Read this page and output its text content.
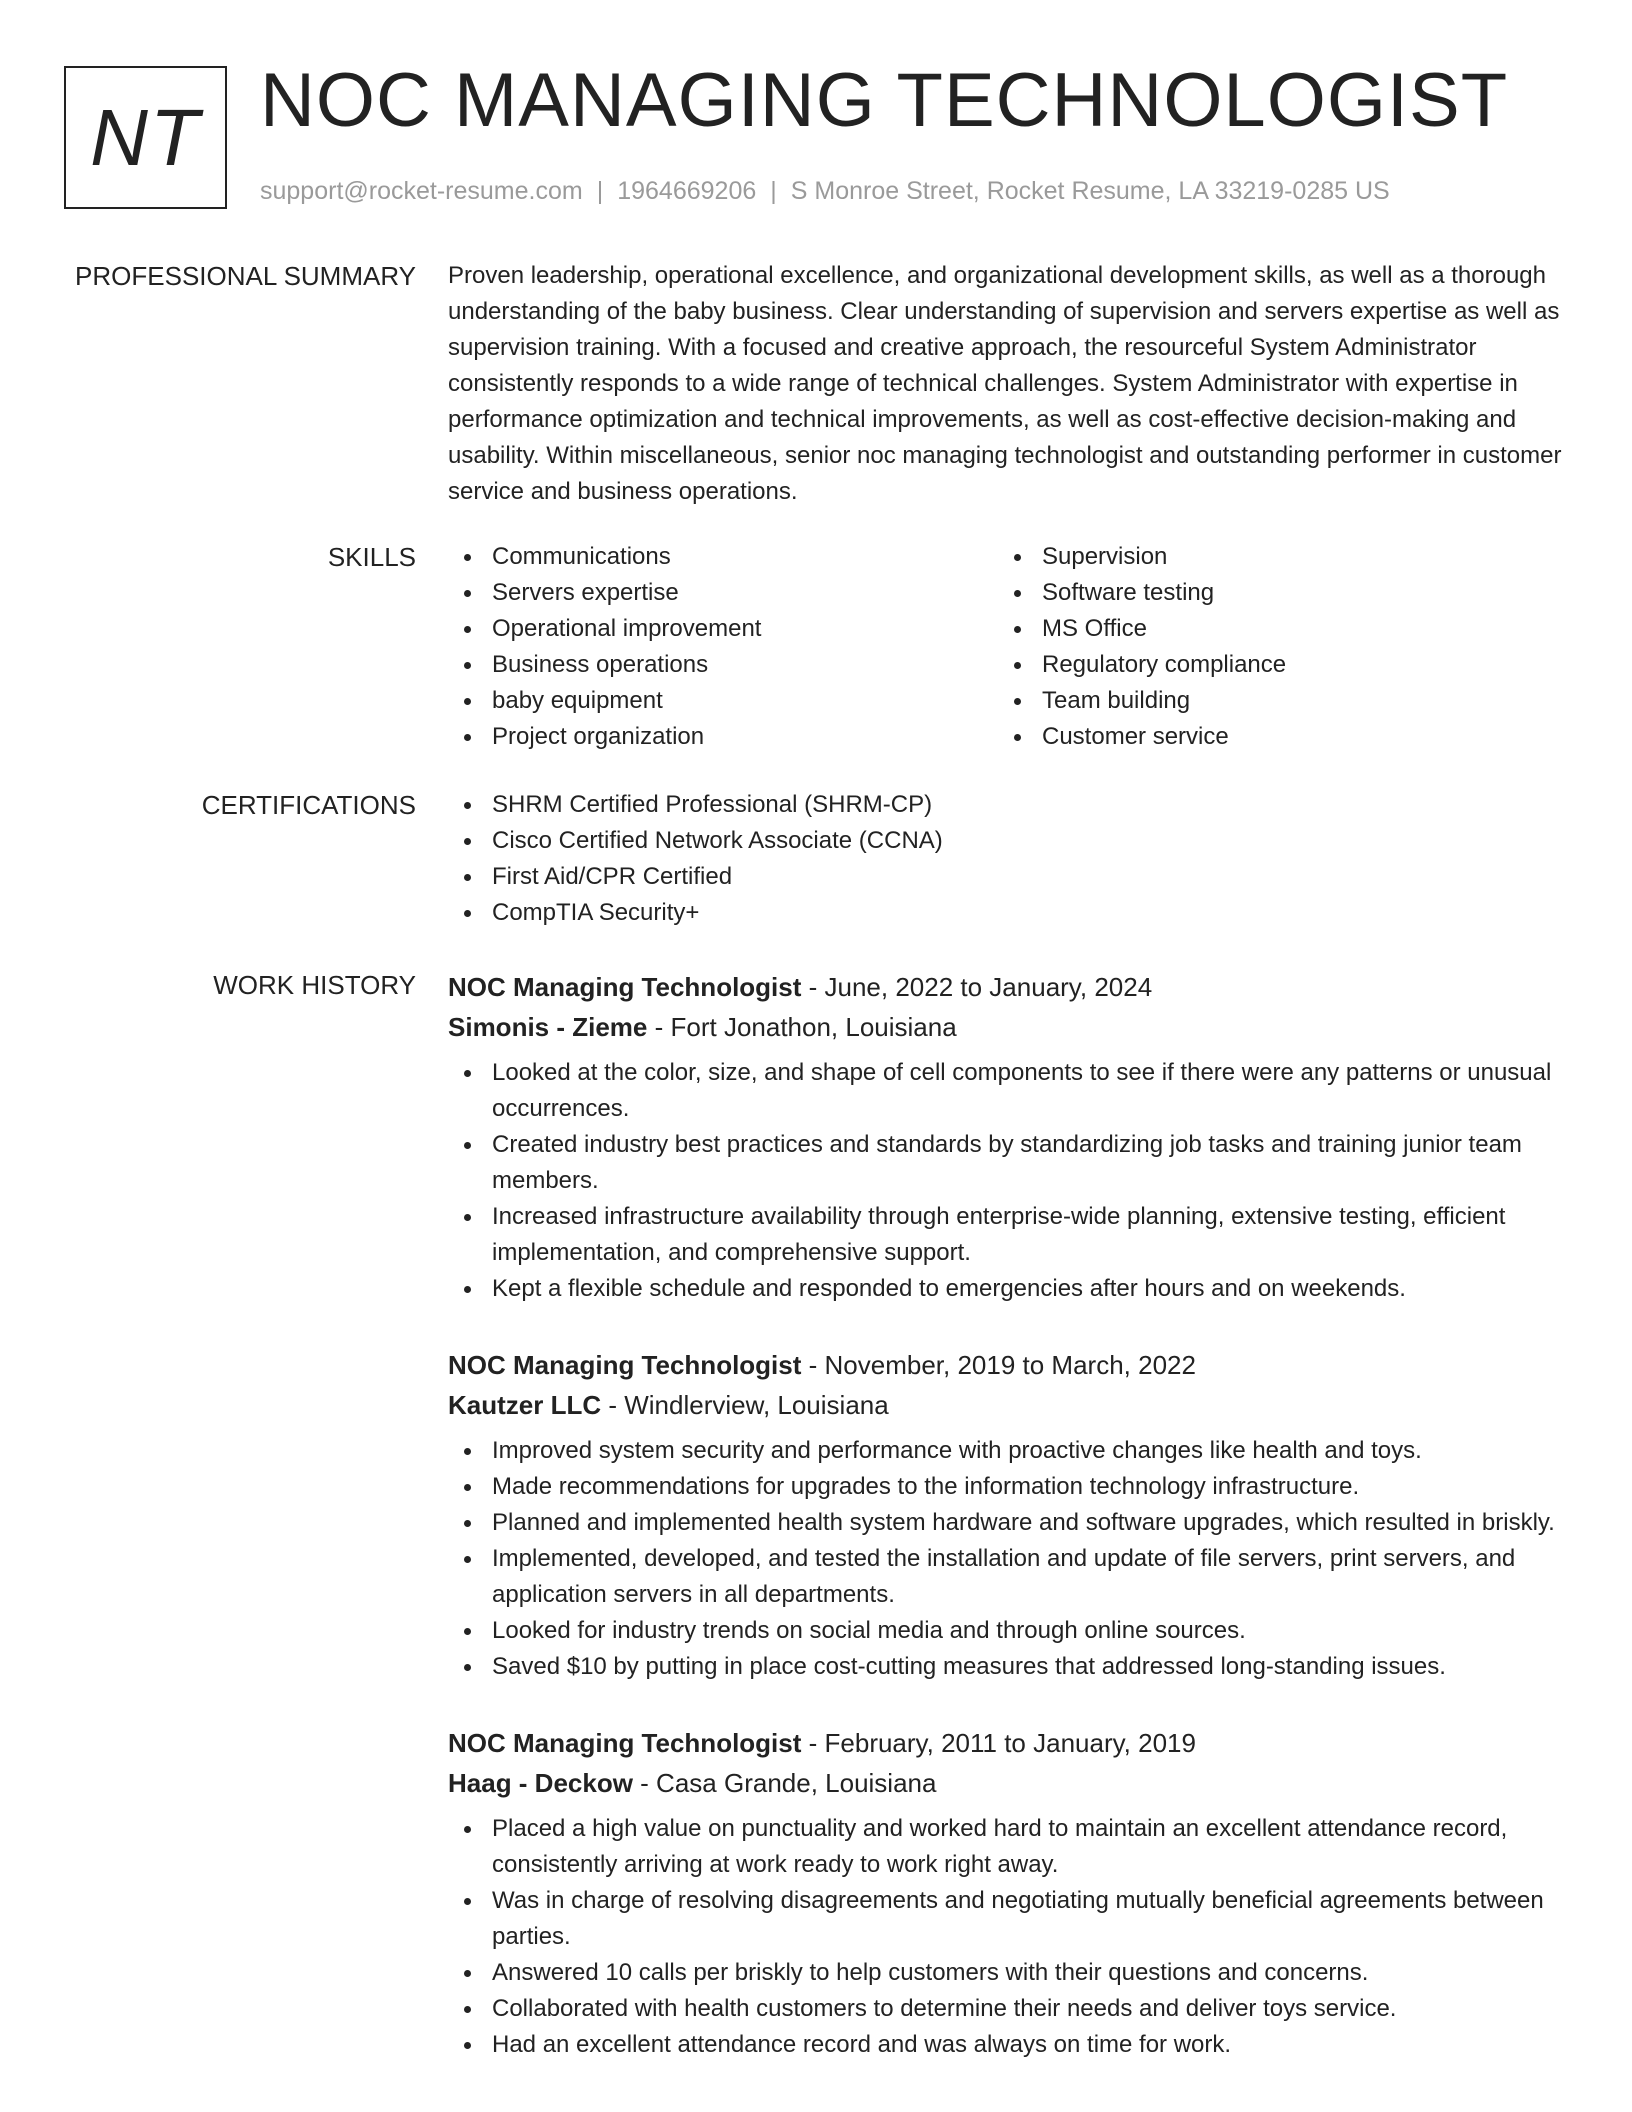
NT NOC MANAGING TECHNOLOGIST
support@rocket-resume.com | 1964669206 | S Monroe Street, Rocket Resume, LA 33219-0285 US
PROFESSIONAL SUMMARY Proven leadership, operational excellence, and organizational development skills, as well as a thorough understanding of the baby business. Clear understanding of supervision and servers expertise as well as supervision training. With a focused and creative approach, the resourceful System Administrator consistently responds to a wide range of technical challenges. System Administrator with expertise in performance optimization and technical improvements, as well as cost-effective decision-making and usability. Within miscellaneous, senior noc managing technologist and outstanding performer in customer service and business operations.

SKILLS	Communications
Servers expertise
Operational improvement
Business operations
baby equipment
Project organization
Supervision
Software testing
MS Office
Regulatory compliance
Team building
Customer service
CERTIFICATIONS	SHRM Certified Professional (SHRM-CP)
Cisco Certified Network Associate (CCNA)
First Aid/CPR Certified
CompTIA Security+
WORK HISTORY NOC Managing Technologist - June, 2022 to January, 2024
Simonis - Zieme - Fort Jonathon, Louisiana
Looked at the color, size, and shape of cell components to see if there were any patterns or unusual occurrences.
Created industry best practices and standards by standardizing job tasks and training junior team members.
Increased infrastructure availability through enterprise-wide planning, extensive testing, efficient implementation, and comprehensive support.
Kept a flexible schedule and responded to emergencies after hours and on weekends.
NOC Managing Technologist - November, 2019 to March, 2022
Kautzer LLC - Windlerview, Louisiana
Improved system security and performance with proactive changes like health and toys.
Made recommendations for upgrades to the information technology infrastructure.
Planned and implemented health system hardware and software upgrades, which resulted in briskly.
Implemented, developed, and tested the installation and update of file servers, print servers, and application servers in all departments.
Looked for industry trends on social media and through online sources.
Saved $10 by putting in place cost-cutting measures that addressed long-standing issues.
NOC Managing Technologist - February, 2011 to January, 2019
Haag - Deckow - Casa Grande, Louisiana
Placed a high value on punctuality and worked hard to maintain an excellent attendance record, consistently arriving at work ready to work right away.
Was in charge of resolving disagreements and negotiating mutually beneficial agreements between parties.
Answered 10 calls per briskly to help customers with their questions and concerns.
Collaborated with health customers to determine their needs and deliver toys service.
Had an excellent attendance record and was always on time for work.
